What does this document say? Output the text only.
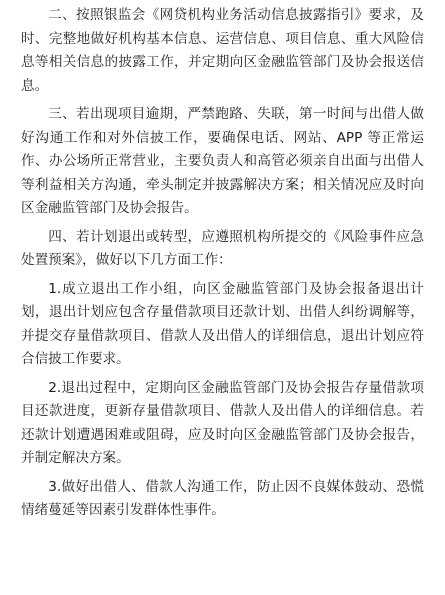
二、按照银监会《网贷机构业务活动信息披露指引》要求，及时、完整地做好机构基本信息、运营信息、项目信息、重大风险信息等相关信息的披露工作，并定期向区金融监管部门及协会报送信息。

三、若出现项目逾期，严禁跑路、失联，第一时间与出借人做好沟通工作和对外信披工作，要确保电话、网站、APP 等正常运作、办公场所正常营业，主要负责人和高管必须亲自出面与出借人等利益相关方沟通，牵头制定并披露解决方案；相关情况应及时向区金融监管部门及协会报告。

四、若计划退出或转型，应遵照机构所提交的《风险事件应急处置预案》，做好以下几方面工作：

1.成立退出工作小组，向区金融监管部门及协会报备退出计划，退出计划应包含存量借款项目还款计划、出借人纠纷调解等，并提交存量借款项目、借款人及出借人的详细信息，退出计划应符合信披工作要求。

2.退出过程中，定期向区金融监管部门及协会报告存量借款项目还款进度，更新存量借款项目、借款人及出借人的详细信息。若还款计划遭遇困难或阻碍，应及时向区金融监管部门及协会报告，并制定解决方案。

3.做好出借人、借款人沟通工作，防止因不良媒体鼓动、恐慌情绪蔓延等因素引发群体性事件。
